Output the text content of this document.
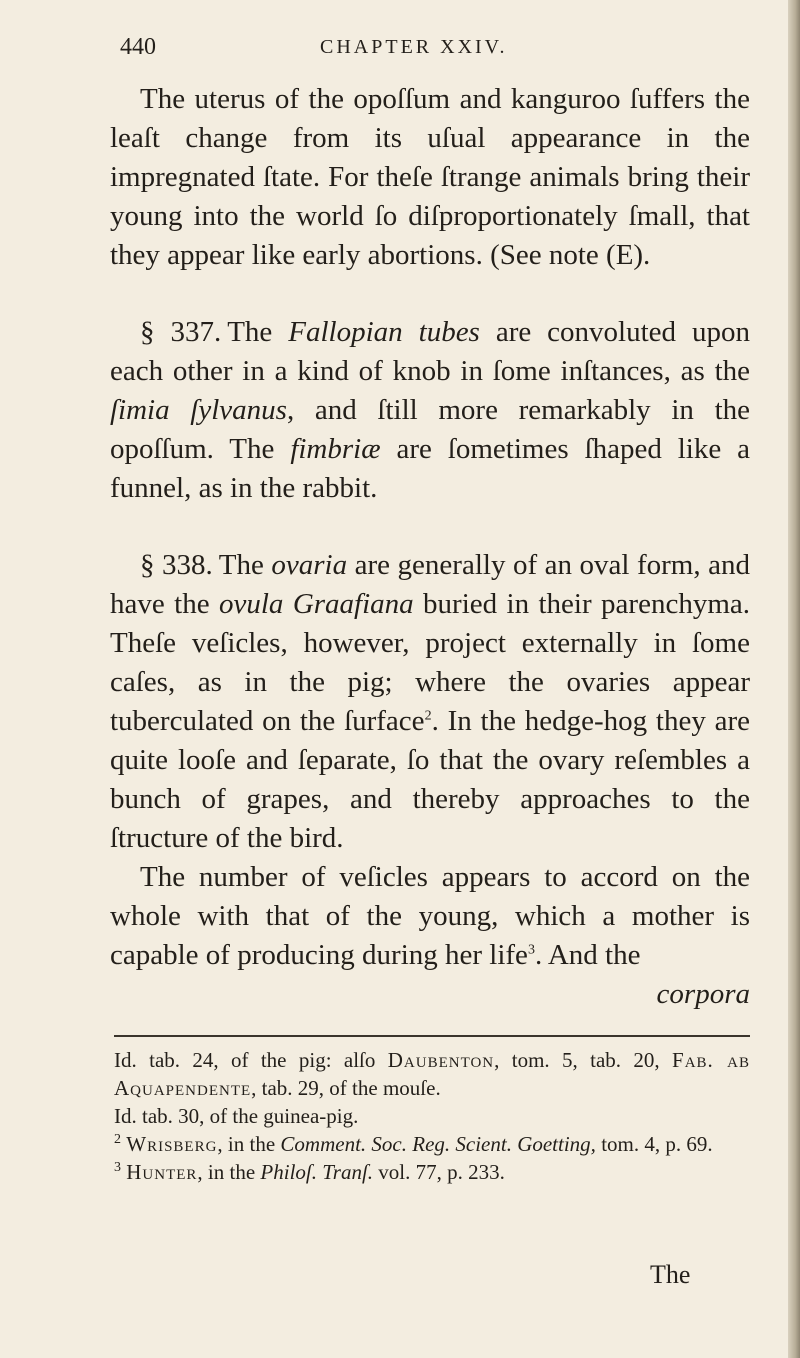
440	CHAPTER XXIV.

The uterus of the opoſſum and kanguroo ſuffers the leaſt change from its uſual appearance in the impregnated ſtate. For theſe ſtrange animals bring their young into the world ſo diſproportionately ſmall, that they appear like early abortions. (See note (E).

§ 337. The Fallopian tubes are convoluted upon each other in a kind of knob in ſome inſtances, as the ſimia ſylvanus, and ſtill more remarkably in the opoſſum. The fimbriæ are ſometimes ſhaped like a funnel, as in the rabbit.

§ 338. The ovaria are generally of an oval form, and have the ovula Graafiana buried in their parenchyma. Theſe veſicles, however, project externally in ſome caſes, as in the pig; where the ovaries appear tuberculated on the ſurface$^2$. In the hedge-hog they are quite looſe and ſeparate, ſo that the ovary reſembles a bunch of grapes, and thereby approaches to the ſtructure of the bird.

The number of veſicles appears to accord on the whole with that of the young, which a mother is capable of producing during her life$^3$. And the
corpora

Id. tab. 24, of the pig: alſo Daubenton, tom. 5, tab. 20, Fab. ab Aquapendente, tab. 29, of the mouſe.

Id. tab. 30, of the guinea-pig.

$^2$ Wrisberg, in the Comment. Soc. Reg. Scient. Goetting, tom. 4, p. 69.

$^3$ Hunter, in the Philoſ. Tranſ. vol. 77, p. 233.

The
